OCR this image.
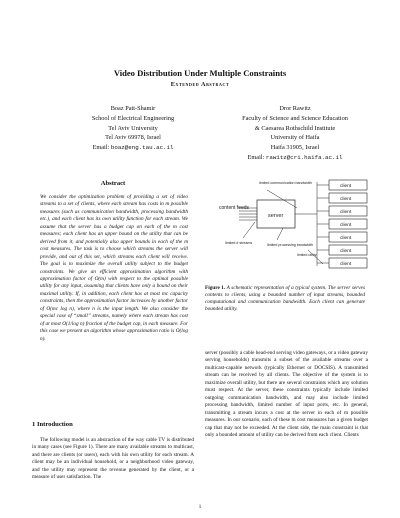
Video Distribution Under Multiple Constraints
Extended Abstract
Boaz Patt-Shamir
School of Electrical Engineering
Tel Aviv University
Tel Aviv 69978, Israel
Email: boaz@eng.tau.ac.il
Dror Rawitz
Faculty of Science and Science Education
& Caesarea Rothschild Institute
University of Haifa
Haifa 31905, Israel
Email: rawitz@cri.haifa.ac.il
Abstract
We consider the optimization problem of providing a set of video streams to a set of clients, where each stream has costs in m possible measures (such as communication bandwidth, processing bandwidth etc.), and each client has its own utility function for each stream. We assume that the server has a budget cap on each of the m cost measures; each client has an upper bound on the utility that can be derived from it, and potentially also upper bounds in each of the m cost measures. The task is to choose which streams the server will provide, and out of this set, which streams each client will receive. The goal is to maximize the overall utility subject to the budget constraints. We give an efficient approximation algorithm with approximation factor of O(m) with respect to the optimal possible utility for any input, assuming that clients have only a bound on their maximal utility. If, in addition, each client has at most mc capacity constraints, then the approximation factor increases by another factor of O(mc log n), where n is the input length. We also consider the special case of “small” streams, namely where each stream has cost of at most O(1/log n) fraction of the budget cap, in each measure. For this case we present an algorithm whose approximation ratio is O(log n).
1 Introduction
The following model is an abstraction of the way cable TV is distributed in many cases (see Figure 1). There are many available streams to multicast, and there are clients (or users), each with his own utility for each stream. A client may be an individual household, or a neighborhood video gateway, and the utility may represent the revenue generated by the client, or a measure of user satisfaction. The
server
content feeds
client
client
client
client
client
client
client
limited communication bandwidth
limited # streams	limited processing bandwidth
limited utility
Figure 1. A schematic representation of a typical system. The server serves contents to clients, using a bounded number of input streams, bounded computational and communication bandwidth. Each client can generate bounded utility.
server (possibly a cable head-end serving video gateways, or a video gateway serving households) transmits a subset of the available streams over a multicast-capable network (typically Ethernet or DOCSIS). A transmitted stream can be received by all clients. The objective of the system is to maximize overall utility, but there are several constraints which any solution must respect. At the server, these constraints typically include limited outgoing communication bandwidth, and may also include limited processing bandwidth, limited number of input ports, etc. In general, transmitting a stream incurs a cost at the server in each of m possible measures. In our scenario, each of these m cost measures has a given budget cap that may not be exceeded. At the client side, the main constraint is that only a bounded amount of utility can be derived from each client. Clients
1
